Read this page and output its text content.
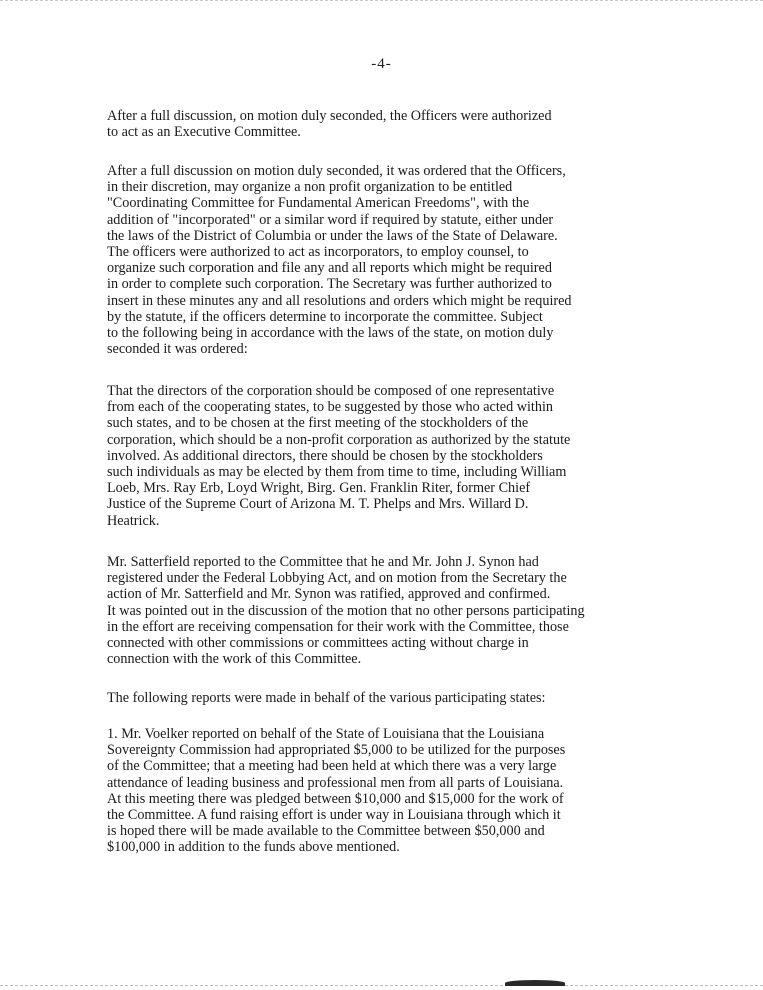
-4-

After a full discussion, on motion duly seconded, the Officers were authorized
to act as an Executive Committee.

After a full discussion on motion duly seconded, it was ordered that the Officers,
in their discretion, may organize a non profit organization to be entitled
"Coordinating Committee for Fundamental American Freedoms", with the
addition of "incorporated" or a similar word if required by statute, either under
the laws of the District of Columbia or under the laws of the State of Delaware.
The officers were authorized to act as incorporators, to employ counsel, to
organize such corporation and file any and all reports which might be required
in order to complete such corporation. The Secretary was further authorized to
insert in these minutes any and all resolutions and orders which might be required
by the statute, if the officers determine to incorporate the committee. Subject
to the following being in accordance with the laws of the state, on motion duly
seconded it was ordered:

That the directors of the corporation should be composed of one representative
from each of the cooperating states, to be suggested by those who acted within
such states, and to be chosen at the first meeting of the stockholders of the
corporation, which should be a non-profit corporation as authorized by the statute
involved. As additional directors, there should be chosen by the stockholders
such individuals as may be elected by them from time to time, including William
Loeb, Mrs. Ray Erb, Loyd Wright, Birg. Gen. Franklin Riter, former Chief
Justice of the Supreme Court of Arizona M. T. Phelps and Mrs. Willard D.
Heatrick.

Mr. Satterfield reported to the Committee that he and Mr. John J. Synon had
registered under the Federal Lobbying Act, and on motion from the Secretary the
action of Mr. Satterfield and Mr. Synon was ratified, approved and confirmed.
It was pointed out in the discussion of the motion that no other persons participating
in the effort are receiving compensation for their work with the Committee, those
connected with other commissions or committees acting without charge in
connection with the work of this Committee.

The following reports were made in behalf of the various participating states:

1. Mr. Voelker reported on behalf of the State of Louisiana that the Louisiana
Sovereignty Commission had appropriated $5,000 to be utilized for the purposes
of the Committee; that a meeting had been held at which there was a very large
attendance of leading business and professional men from all parts of Louisiana.
At this meeting there was pledged between $10,000 and $15,000 for the work of
the Committee. A fund raising effort is under way in Louisiana through which it
is hoped there will be made available to the Committee between $50,000 and
$100,000 in addition to the funds above mentioned.
